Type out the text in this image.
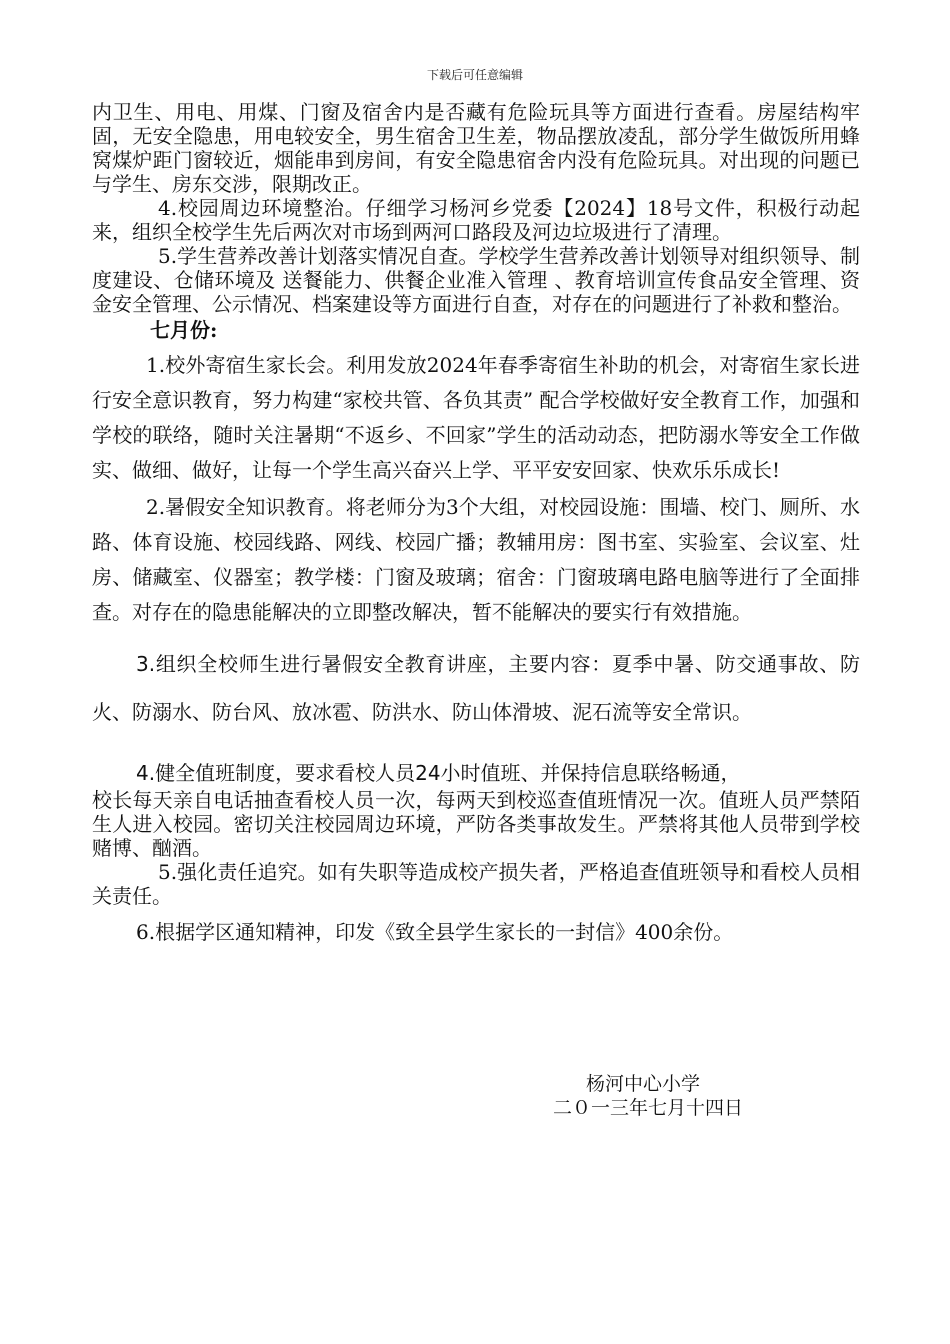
下载后可任意编辑

内卫生、用电、用煤、门窗及宿舍内是否藏有危险玩具等方面进行查看。房屋结构牢固，无安全隐患，用电较安全，男生宿舍卫生差，物品摆放凌乱，部分学生做饭所用蜂窝煤炉距门窗较近，烟能串到房间，有安全隐患宿舍内没有危险玩具。对出现的问题已与学生、房东交涉，限期改正。

4.校园周边环境整治。仔细学习杨河乡党委【2024】18号文件，积极行动起来，组织全校学生先后两次对市场到两河口路段及河边垃圾进行了清理。

5.学生营养改善计划落实情况自查。学校学生营养改善计划领导对组织领导、制度建设、仓储环境及 送餐能力、供餐企业准入管理 、教育培训宣传食品安全管理、资金安全管理、公示情况、档案建设等方面进行自查，对存在的问题进行了补救和整治。

七月份:

1.校外寄宿生家长会。利用发放2024年春季寄宿生补助的机会，对寄宿生家长进行安全意识教育，努力构建“家校共管、各负其责” 配合学校做好安全教育工作，加强和学校的联络，随时关注暑期“不返乡、不回家”学生的活动动态，把防溺水等安全工作做实、做细、做好，让每一个学生高兴奋兴上学、平平安安回家、快欢乐乐成长!

2.暑假安全知识教育。将老师分为3个大组，对校园设施：围墙、校门、厕所、水路、体育设施、校园线路、网线、校园广播；教辅用房：图书室、实验室、会议室、灶房、储藏室、仪器室；教学楼：门窗及玻璃；宿舍：门窗玻璃电路电脑等进行了全面排查。对存在的隐患能解决的立即整改解决，暂不能解决的要实行有效措施。

3.组织全校师生进行暑假安全教育讲座，主要内容：夏季中暑、防交通事故、防火、防溺水、防台风、放冰雹、防洪水、防山体滑坡、泥石流等安全常识。

4.健全值班制度，要求看校人员24小时值班、并保持信息联络畅通，

校长每天亲自电话抽查看校人员一次，每两天到校巡查值班情况一次。值班人员严禁陌生人进入校园。密切关注校园周边环境，严防各类事故发生。严禁将其他人员带到学校赌博、酗酒。

5.强化责任追究。如有失职等造成校产损失者，严格追查值班领导和看校人员相关责任。

6.根据学区通知精神，印发《致全县学生家长的一封信》400余份。

杨河中心小学
二０一三年七月十四日
